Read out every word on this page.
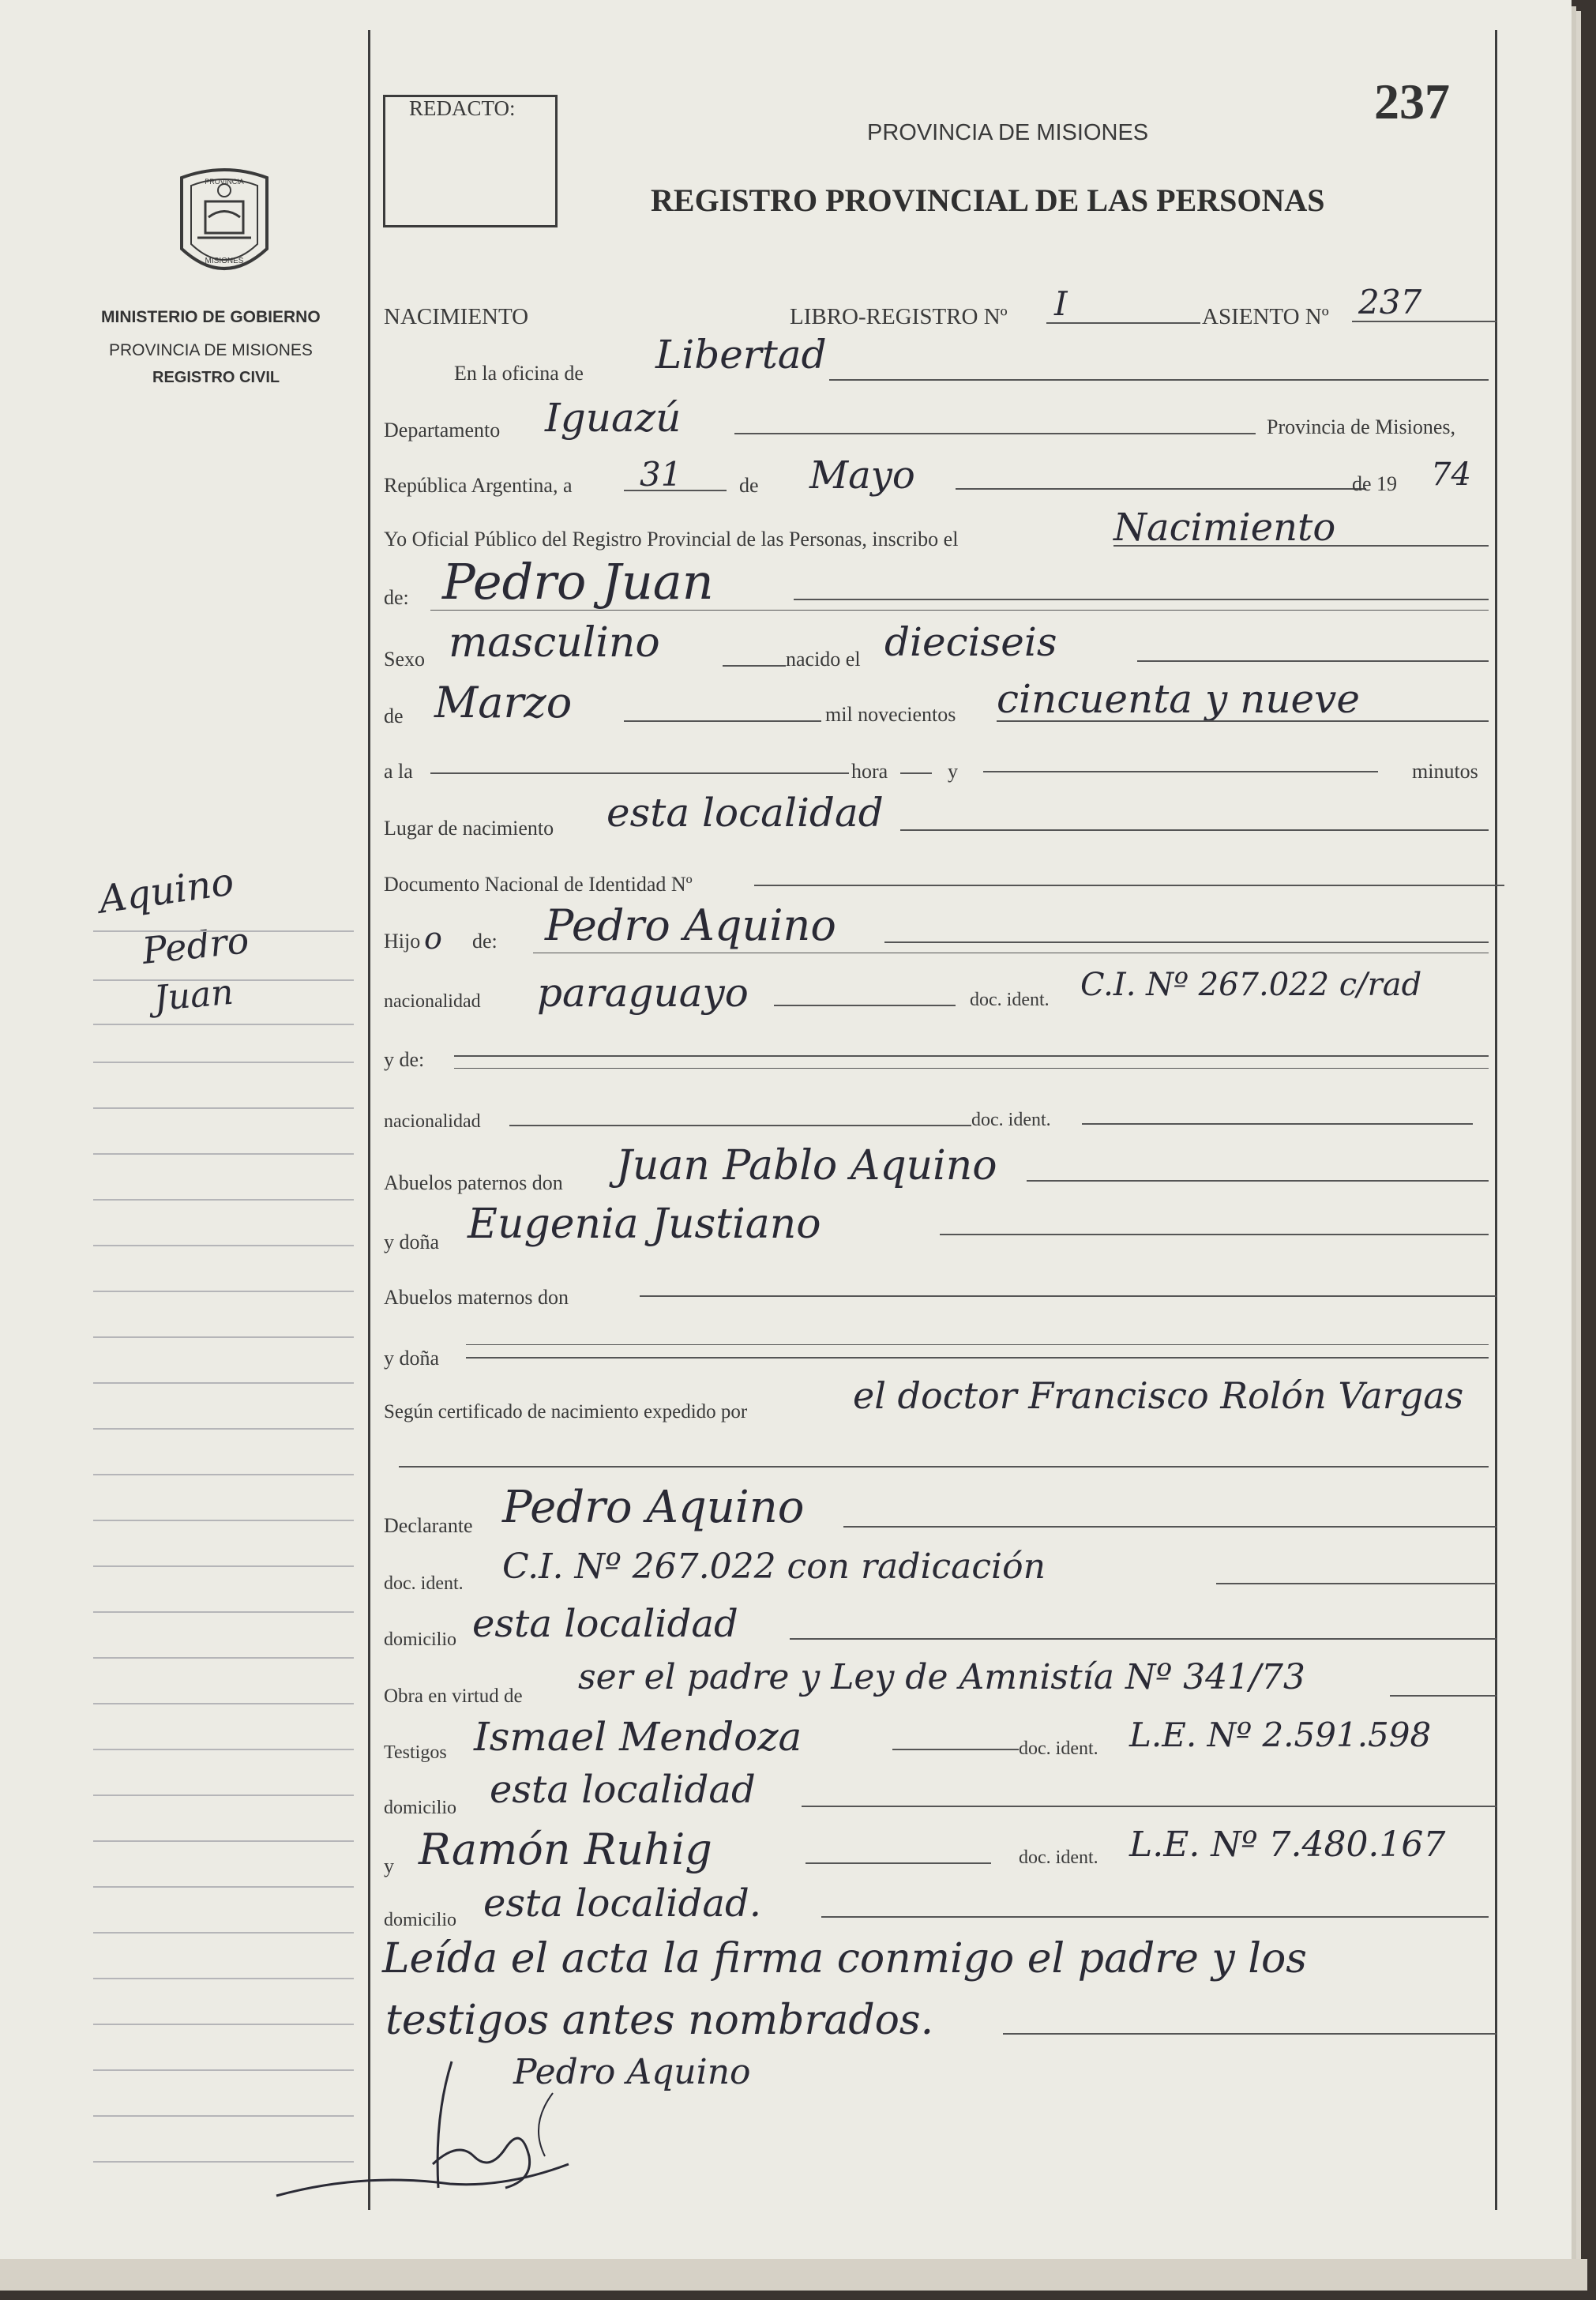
PROVINCIA
MISIONES
MINISTERIO DE GOBIERNO
PROVINCIA DE MISIONES
REGISTRO CIVIL
Aquino
Pedro
Juan
REDACTO:
PROVINCIA DE MISIONES
REGISTRO PROVINCIAL DE LAS PERSONAS
237
NACIMIENTO	LIBRO-REGISTRO Nº I	ASIENTO Nº 237
En la oficina de Libertad
Departamento Iguazú	Provincia de Misiones,
República Argentina, a 31	de Mayo	de 19 74
Yo Oficial Público del Registro Provincial de las Personas, inscribo el	Nacimiento
de: Pedro Juan
Sexo masculino	nacido el dieciseis
de Marzo	mil novecientos cincuenta y nueve
a la	hora	y	minutos
Lugar de nacimiento esta localidad
Documento Nacional de Identidad Nº
Hijo o de: Pedro Aquino
nacionalidad paraguayo	doc. ident. C.I. Nº 267.022 c/rad
y de:
nacionalidad	doc. ident.
Abuelos paternos don Juan Pablo Aquino
y doña Eugenia Justiano
Abuelos maternos don
y doña
Según certificado de nacimiento expedido por	el doctor Francisco Rolón Vargas
Declarante Pedro Aquino
doc. ident. C.I. Nº 267.022 con radicación
domicilio esta localidad
Obra en virtud de ser el padre y Ley de Amnistía Nº 341/73
Testigos Ismael Mendoza	doc. ident. L.E. Nº 2.591.598
domicilio esta localidad
y Ramón Ruhig	doc. ident. L.E. Nº 7.480.167
domicilio esta localidad.
Leída el acta la firma conmigo el padre y los
testigos antes nombrados.
Pedro Aquino
